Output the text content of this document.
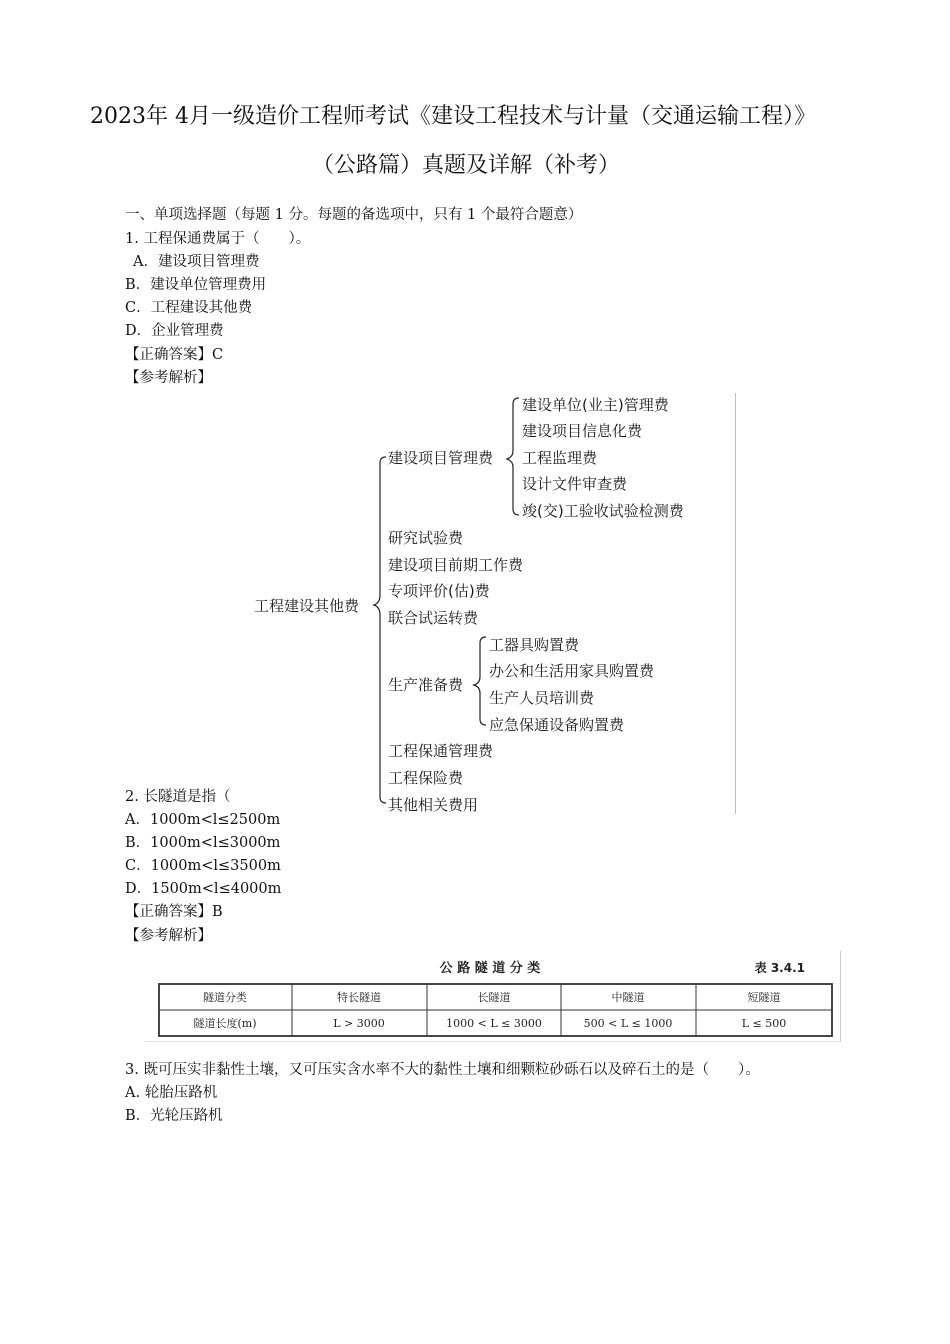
2023年 4月一级造价工程师考试《建设工程技术与计量（交通运输工程）》
（公路篇）真题及详解（补考）
一、单项选择题（每题 1 分。每题的备选项中，只有 1 个最符合题意）
1. 工程保通费属于（　　）。
A．建设项目管理费
B．建设单位管理费用
C．工程建设其他费
D．企业管理费
【正确答案】C
【参考解析】
2. 长隧道是指（
工程建设其他费
建设项目管理费
建设单位(业主)管理费
建设项目信息化费
工程监理费
设计文件审查费
竣(交)工验收试验检测费
研究试验费
建设项目前期工作费
专项评价(估)费
联合试运转费
生产准备费
工器具购置费
办公和生活用家具购置费
生产人员培训费
应急保通设备购置费
工程保通管理费
工程保险费
其他相关费用
A．1000m<l≤2500m
B．1000m<l≤3000m
C．1000m<l≤3500m
D．1500m<l≤4000m
【正确答案】B
【参考解析】
公 路 隧 道 分 类	表 3.4.1
隧道分类	特长隧道	长隧道	中隧道	短隧道
隧道长度(m)	L > 3000	1000 < L ≤ 3000	500 < L ≤ 1000	L ≤ 500
3. 既可压实非黏性土壤，又可压实含水率不大的黏性土壤和细颗粒砂砾石以及碎石土的是（　　）。
A. 轮胎压路机
B．光轮压路机
